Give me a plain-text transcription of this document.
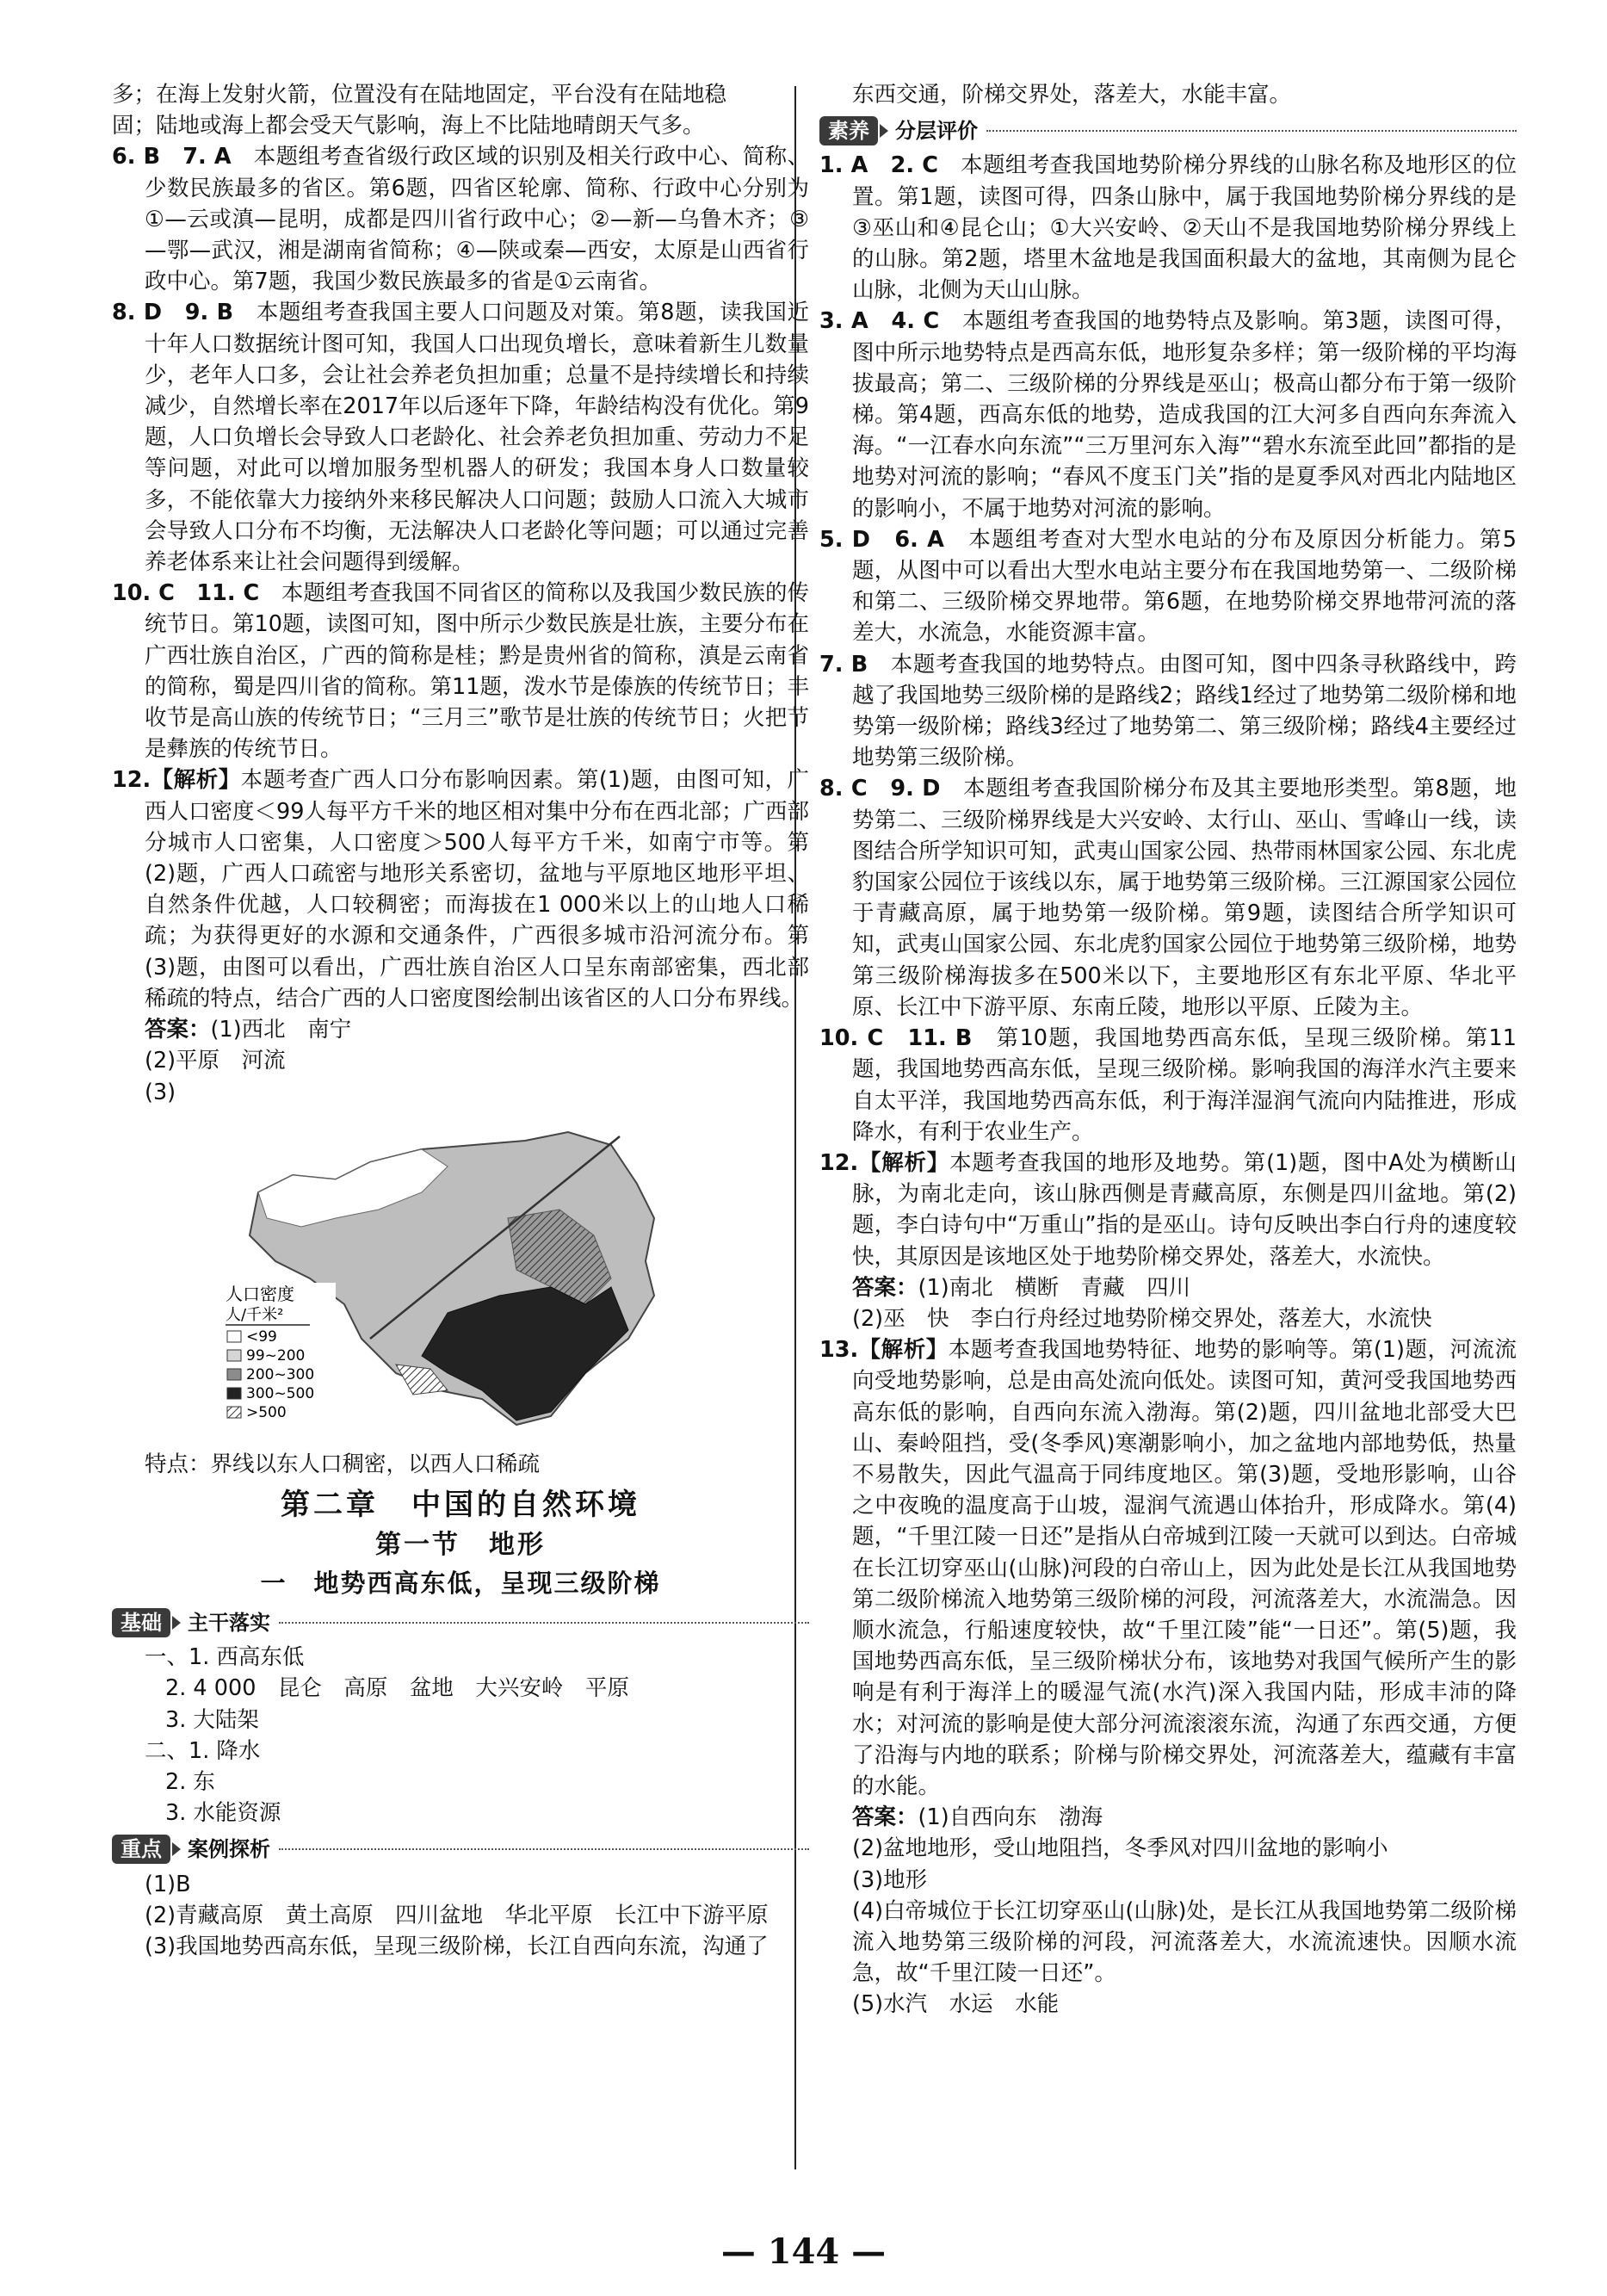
多；在海上发射火箭，位置没有在陆地固定，平台没有在陆地稳

固；陆地或海上都会受天气影响，海上不比陆地晴朗天气多。

6. B　7. A　本题组考查省级行政区域的识别及相关行政中心、简称、少数民族最多的省区。第6题，四省区轮廓、简称、行政中心分别为①—云或滇—昆明，成都是四川省行政中心；②—新—乌鲁木齐；③—鄂—武汉，湘是湖南省简称；④—陕或秦—西安，太原是山西省行政中心。第7题，我国少数民族最多的省是①云南省。

8. D　9. B　本题组考查我国主要人口问题及对策。第8题，读我国近十年人口数据统计图可知，我国人口出现负增长，意味着新生儿数量少，老年人口多，会让社会养老负担加重；总量不是持续增长和持续减少，自然增长率在2017年以后逐年下降，年龄结构没有优化。第9题，人口负增长会导致人口老龄化、社会养老负担加重、劳动力不足等问题，对此可以增加服务型机器人的研发；我国本身人口数量较多，不能依靠大力接纳外来移民解决人口问题；鼓励人口流入大城市会导致人口分布不均衡，无法解决人口老龄化等问题；可以通过完善养老体系来让社会问题得到缓解。

10. C　11. C　本题组考查我国不同省区的简称以及我国少数民族的传统节日。第10题，读图可知，图中所示少数民族是壮族，主要分布在广西壮族自治区，广西的简称是桂；黔是贵州省的简称，滇是云南省的简称，蜀是四川省的简称。第11题，泼水节是傣族的传统节日；丰收节是高山族的传统节日；“三月三”歌节是壮族的传统节日；火把节是彝族的传统节日。

12.【解析】本题考查广西人口分布影响因素。第(1)题，由图可知，广西人口密度＜99人每平方千米的地区相对集中分布在西北部；广西部分城市人口密集，人口密度＞500人每平方千米，如南宁市等。第(2)题，广西人口疏密与地形关系密切，盆地与平原地区地形平坦、自然条件优越，人口较稠密；而海拔在1 000米以上的山地人口稀疏；为获得更好的水源和交通条件，广西很多城市沿河流分布。第(3)题，由图可以看出，广西壮族自治区人口呈东南部密集，西北部稀疏的特点，结合广西的人口密度图绘制出该省区的人口分布界线。

答案：(1)西北　南宁

(2)平原　河流

(3)

人口密度
人/千米²
<99
99~200
200~300
300~500
>500

特点：界线以东人口稠密，以西人口稀疏

第二章　中国的自然环境
第一节　地形
一　地势西高东低，呈现三级阶梯
基础	主干落实

一、1. 西高东低

2. 4 000　昆仑　高原　盆地　大兴安岭　平原

3. 大陆架

二、1. 降水

2. 东

3. 水能资源

重点	案例探析

(1)B

(2)青藏高原　黄土高原　四川盆地　华北平原　长江中下游平原

(3)我国地势西高东低，呈现三级阶梯，长江自西向东流，沟通了

东西交通，阶梯交界处，落差大，水能丰富。

素养	分层评价

1. A　2. C　本题组考查我国地势阶梯分界线的山脉名称及地形区的位置。第1题，读图可得，四条山脉中，属于我国地势阶梯分界线的是③巫山和④昆仑山；①大兴安岭、②天山不是我国地势阶梯分界线上的山脉。第2题，塔里木盆地是我国面积最大的盆地，其南侧为昆仑山脉，北侧为天山山脉。

3. A　4. C　本题组考查我国的地势特点及影响。第3题，读图可得，图中所示地势特点是西高东低，地形复杂多样；第一级阶梯的平均海拔最高；第二、三级阶梯的分界线是巫山；极高山都分布于第一级阶梯。第4题，西高东低的地势，造成我国的江大河多自西向东奔流入海。“一江春水向东流”“三万里河东入海”“碧水东流至此回”都指的是地势对河流的影响；“春风不度玉门关”指的是夏季风对西北内陆地区的影响小，不属于地势对河流的影响。

5. D　6. A　本题组考查对大型水电站的分布及原因分析能力。第5题，从图中可以看出大型水电站主要分布在我国地势第一、二级阶梯和第二、三级阶梯交界地带。第6题，在地势阶梯交界地带河流的落差大，水流急，水能资源丰富。

7. B　本题考查我国的地势特点。由图可知，图中四条寻秋路线中，跨越了我国地势三级阶梯的是路线2；路线1经过了地势第二级阶梯和地势第一级阶梯；路线3经过了地势第二、第三级阶梯；路线4主要经过地势第三级阶梯。

8. C　9. D　本题组考查我国阶梯分布及其主要地形类型。第8题，地势第二、三级阶梯界线是大兴安岭、太行山、巫山、雪峰山一线，读图结合所学知识可知，武夷山国家公园、热带雨林国家公园、东北虎豹国家公园位于该线以东，属于地势第三级阶梯。三江源国家公园位于青藏高原，属于地势第一级阶梯。第9题，读图结合所学知识可知，武夷山国家公园、东北虎豹国家公园位于地势第三级阶梯，地势第三级阶梯海拔多在500米以下，主要地形区有东北平原、华北平原、长江中下游平原、东南丘陵，地形以平原、丘陵为主。

10. C　11. B　第10题，我国地势西高东低，呈现三级阶梯。第11题，我国地势西高东低，呈现三级阶梯。影响我国的海洋水汽主要来自太平洋，我国地势西高东低，利于海洋湿润气流向内陆推进，形成降水，有利于农业生产。

12.【解析】本题考查我国的地形及地势。第(1)题，图中A处为横断山脉，为南北走向，该山脉西侧是青藏高原，东侧是四川盆地。第(2)题，李白诗句中“万重山”指的是巫山。诗句反映出李白行舟的速度较快，其原因是该地区处于地势阶梯交界处，落差大，水流快。

答案：(1)南北　横断　青藏　四川

(2)巫　快　李白行舟经过地势阶梯交界处，落差大，水流快

13.【解析】本题考查我国地势特征、地势的影响等。第(1)题，河流流向受地势影响，总是由高处流向低处。读图可知，黄河受我国地势西高东低的影响，自西向东流入渤海。第(2)题，四川盆地北部受大巴山、秦岭阻挡，受(冬季风)寒潮影响小，加之盆地内部地势低，热量不易散失，因此气温高于同纬度地区。第(3)题，受地形影响，山谷之中夜晚的温度高于山坡，湿润气流遇山体抬升，形成降水。第(4)题，“千里江陵一日还”是指从白帝城到江陵一天就可以到达。白帝城在长江切穿巫山(山脉)河段的白帝山上，因为此处是长江从我国地势第二级阶梯流入地势第三级阶梯的河段，河流落差大，水流湍急。因顺水流急，行船速度较快，故“千里江陵”能“一日还”。第(5)题，我国地势西高东低，呈三级阶梯状分布，该地势对我国气候所产生的影响是有利于海洋上的暖湿气流(水汽)深入我国内陆，形成丰沛的降水；对河流的影响是使大部分河流滚滚东流，沟通了东西交通，方便了沿海与内地的联系；阶梯与阶梯交界处，河流落差大，蕴藏有丰富的水能。

答案：(1)自西向东　渤海

(2)盆地地形，受山地阻挡，冬季风对四川盆地的影响小

(3)地形

(4)白帝城位于长江切穿巫山(山脉)处，是长江从我国地势第二级阶梯流入地势第三级阶梯的河段，河流落差大，水流流速快。因顺水流急，故“千里江陵一日还”。

(5)水汽　水运　水能

— 144 —
